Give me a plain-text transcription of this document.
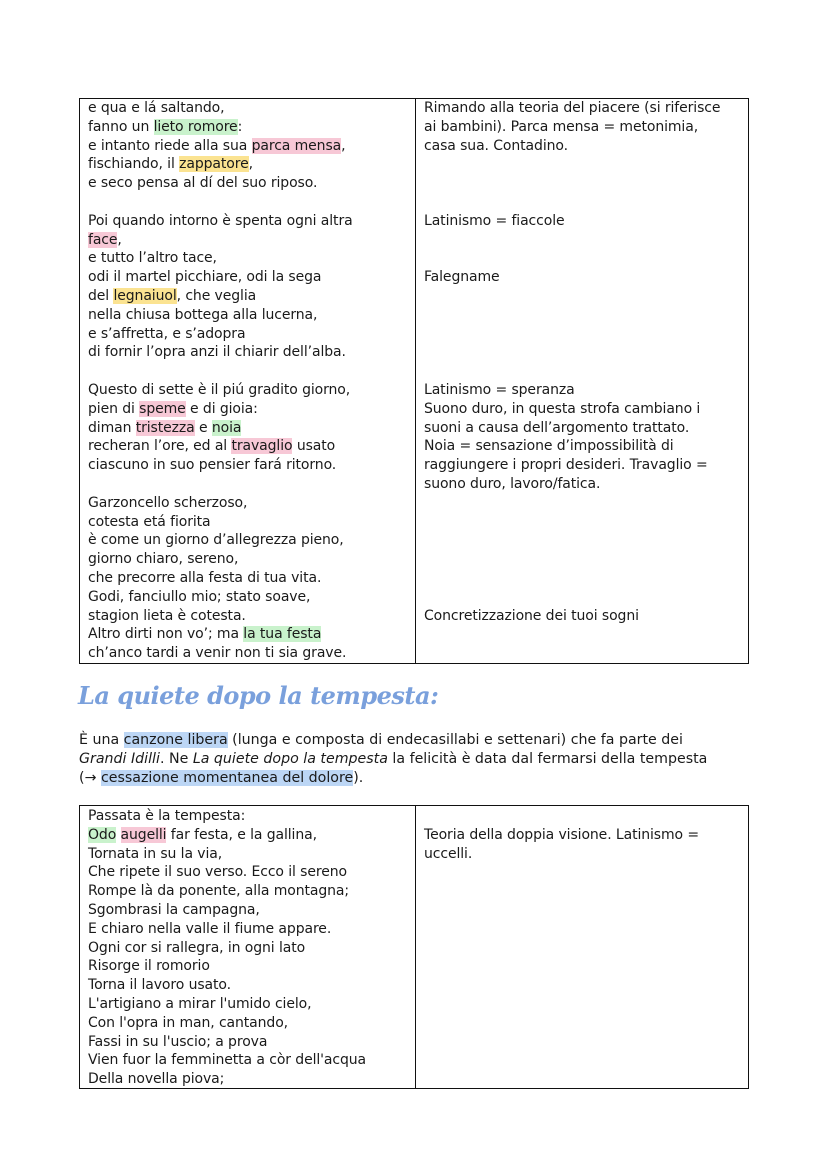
e qua e lá saltando,
fanno un lieto romore:
e intanto riede alla sua parca mensa,
fischiando, il zappatore,
e seco pensa al dí del suo riposo.
Poi quando intorno è spenta ogni altra
face,
e tutto l’altro tace,
odi il martel picchiare, odi la sega
del legnaiuol, che veglia
nella chiusa bottega alla lucerna,
e s’affretta, e s’adopra
di fornir l’opra anzi il chiarir dell’alba.
Questo di sette è il piú gradito giorno,
pien di speme e di gioia:
diman tristezza e noia
recheran l’ore, ed al travaglio usato
ciascuno in suo pensier fará ritorno.
Garzoncello scherzoso,
cotesta etá fiorita
è come un giorno d’allegrezza pieno,
giorno chiaro, sereno,
che precorre alla festa di tua vita.
Godi, fanciullo mio; stato soave,
stagion lieta è cotesta.
Altro dirti non vo’; ma la tua festa
ch’anco tardi a venir non ti sia grave.
Rimando alla teoria del piacere (si riferisce
ai bambini). Parca mensa = metonimia,
casa sua. Contadino.
Latinismo = fiaccole
Falegname
Latinismo = speranza
Suono duro, in questa strofa cambiano i
suoni a causa dell’argomento trattato.
Noia = sensazione d’impossibilità di
raggiungere i propri desideri. Travaglio =
suono duro, lavoro/fatica.
Concretizzazione dei tuoi sogni
La quiete dopo la tempesta:
È una canzone libera (lunga e composta di endecasillabi e settenari) che fa parte dei
Grandi Idilli. Ne La quiete dopo la tempesta la felicità è data dal fermarsi della tempesta
(→ cessazione momentanea del dolore).
Passata è la tempesta:
Odo augelli far festa, e la gallina,
Tornata in su la via,
Che ripete il suo verso. Ecco il sereno
Rompe là da ponente, alla montagna;
Sgombrasi la campagna,
E chiaro nella valle il fiume appare.
Ogni cor si rallegra, in ogni lato
Risorge il romorio
Torna il lavoro usato.
L'artigiano a mirar l'umido cielo,
Con l'opra in man, cantando,
Fassi in su l'uscio; a prova
Vien fuor la femminetta a còr dell'acqua
Della novella piova;
Teoria della doppia visione. Latinismo =
uccelli.
